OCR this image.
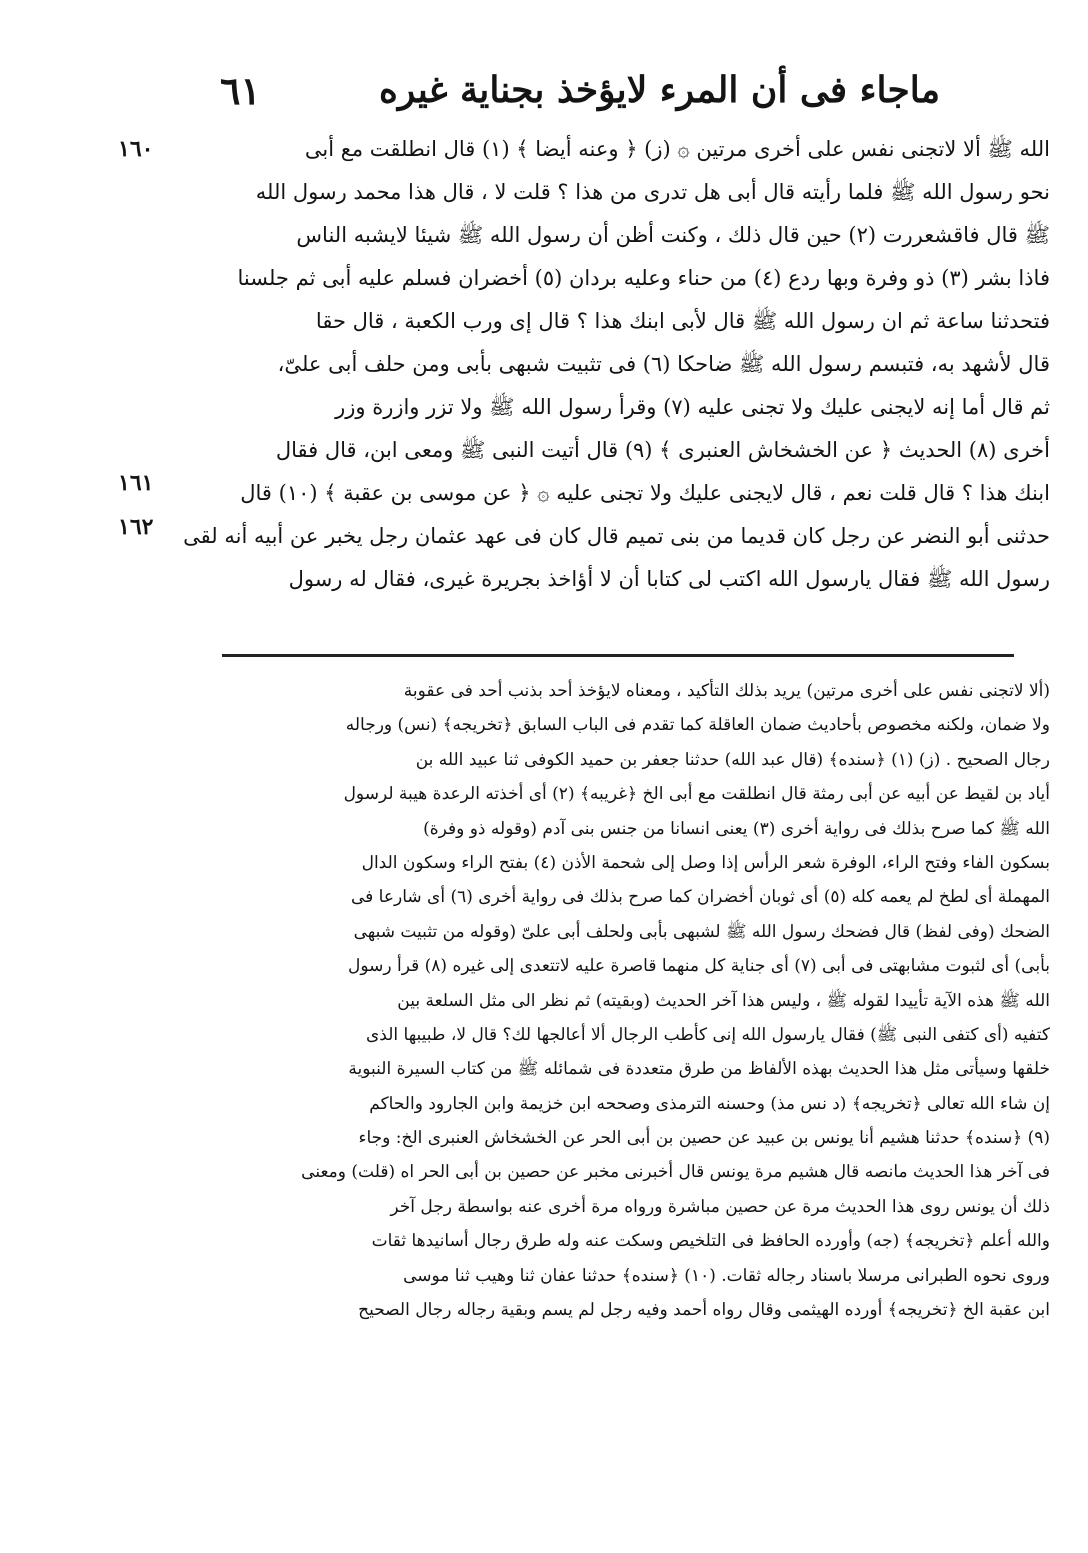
٦١	ماجاء فى أن المرء لايؤخذ بجناية غيره
١٦٠
١٦١
١٦٢
الله ﷺ ألا لاتجنى نفس على أخرى مرتين ۞ (ز) ﴿ وعنه أيضا ﴾ (١) قال انطلقت مع أبى
نحو رسول الله ﷺ فلما رأيته قال أبى هل تدرى من هذا ؟ قلت لا ، قال هذا محمد رسول الله
ﷺ قال فاقشعررت (٢) حين قال ذلك ، وكنت أظن أن رسول الله ﷺ شيئا لايشبه الناس
فاذا بشر (٣) ذو وفرة وبها ردع (٤) من حناء وعليه بردان (٥) أخضران فسلم عليه أبى ثم جلسنا
فتحدثنا ساعة ثم ان رسول الله ﷺ قال لأبى ابنك هذا ؟ قال إى ورب الكعبة ، قال حقا
قال لأشهد به، فتبسم رسول الله ﷺ ضاحكا (٦) فى تثبيت شبهى بأبى ومن حلف أبى علىّ،
ثم قال أما إنه لايجنى عليك ولا تجنى عليه (٧) وقرأ رسول الله ﷺ ولا تزر وازرة وزر
أخرى (٨) الحديث ﴿ عن الخشخاش العنبرى ﴾ (٩) قال أتيت النبى ﷺ ومعى ابن، قال فقال
ابنك هذا ؟ قال قلت نعم ، قال لايجنى عليك ولا تجنى عليه ۞ ﴿ عن موسى بن عقبة ﴾ (١٠) قال
حدثنى أبو النضر عن رجل كان قديما من بنى تميم قال كان فى عهد عثمان رجل يخبر عن أبيه أنه لقى
رسول الله ﷺ فقال يارسول الله اكتب لى كتابا أن لا أؤاخذ بجريرة غيرى، فقال له رسول
(ألا لاتجنى نفس على أخرى مرتين) يريد بذلك التأكيد ، ومعناه لايؤخذ أحد بذنب أحد فى عقوبة
ولا ضمان، ولكنه مخصوص بأحاديث ضمان العاقلة كما تقدم فى الباب السابق ﴿تخريجه﴾ (نس) ورجاله
رجال الصحيح . (ز) (١) ﴿سنده﴾ (قال عبد الله) حدثنا جعفر بن حميد الكوفى ثنا عبيد الله بن
أياد بن لقيط عن أبيه عن أبى رمثة قال انطلقت مع أبى الخ ﴿غريبه﴾ (٢) أى أخذته الرعدة هيبة لرسول
الله ﷺ كما صرح بذلك فى رواية أخرى (٣) يعنى انسانا من جنس بنى آدم (وقوله ذو وفرة)
بسكون الفاء وفتح الراء، الوفرة شعر الرأس إذا وصل إلى شحمة الأذن (٤) بفتح الراء وسكون الدال
المهملة أى لطخ لم يعمه كله (٥) أى ثوبان أخضران كما صرح بذلك فى رواية أخرى (٦) أى شارعا فى
الضحك (وفى لفظ) قال فضحك رسول الله ﷺ لشبهى بأبى ولحلف أبى علىّ (وقوله من تثبيت شبهى
بأبى) أى لثبوت مشابهتى فى أبى (٧) أى جناية كل منهما قاصرة عليه لاتتعدى إلى غيره (٨) قرأ رسول
الله ﷺ هذه الآية تأييدا لقوله ﷺ ، وليس هذا آخر الحديث (وبقيته) ثم نظر الى مثل السلعة بين
كتفيه (أى كتفى النبى ﷺ) فقال يارسول الله إنى كأطب الرجال ألا أعالجها لك؟ قال لا، طبيبها الذى
خلقها وسيأتى مثل هذا الحديث بهذه الألفاظ من طرق متعددة فى شمائله ﷺ من كتاب السيرة النبوية
إن شاء الله تعالى ﴿تخريجه﴾ (د نس مذ) وحسنه الترمذى وصححه ابن خزيمة وابن الجارود والحاكم
(٩) ﴿سنده﴾ حدثنا هشيم أنا يونس بن عبيد عن حصين بن أبى الحر عن الخشخاش العنبرى الخ: وجاء
فى آخر هذا الحديث مانصه قال هشيم مرة يونس قال أخبرنى مخبر عن حصين بن أبى الحر اه (قلت) ومعنى
ذلك أن يونس روى هذا الحديث مرة عن حصين مباشرة ورواه مرة أخرى عنه بواسطة رجل آخر
والله أعلم ﴿تخريجه﴾ (جه) وأورده الحافظ فى التلخيص وسكت عنه وله طرق رجال أسانيدها ثقات
وروى نحوه الطبرانى مرسلا باسناد رجاله ثقات. (١٠) ﴿سنده﴾ حدثنا عفان ثنا وهيب ثنا موسى
ابن عقبة الخ ﴿تخريجه﴾ أورده الهيثمى وقال رواه أحمد وفيه رجل لم يسم وبقية رجاله رجال الصحيح
